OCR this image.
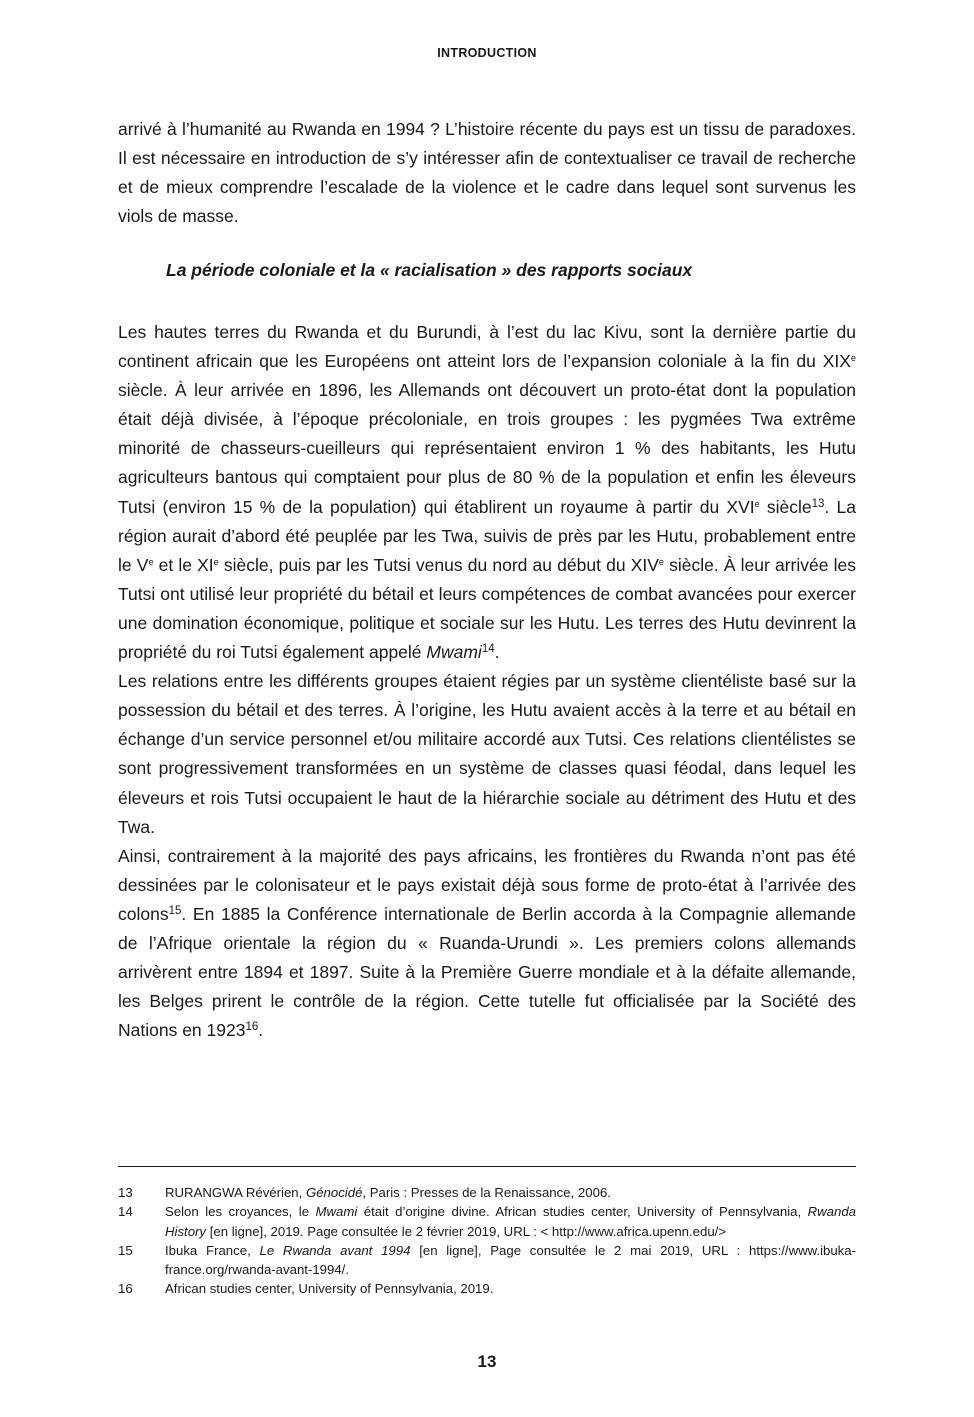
INTRODUCTION

arrivé à l’humanité au Rwanda en 1994 ? L’histoire récente du pays est un tissu de paradoxes. Il est nécessaire en introduction de s’y intéresser afin de contextualiser ce travail de recherche et de mieux comprendre l’escalade de la violence et le cadre dans lequel sont survenus les viols de masse.

La période coloniale et la « racialisation » des rapports sociaux

Les hautes terres du Rwanda et du Burundi, à l’est du lac Kivu, sont la dernière partie du continent africain que les Européens ont atteint lors de l’expansion coloniale à la fin du XIXe siècle. À leur arrivée en 1896, les Allemands ont découvert un proto-état dont la population était déjà divisée, à l’époque précoloniale, en trois groupes : les pygmées Twa extrême minorité de chasseurs-cueilleurs qui représentaient environ 1 % des habitants, les Hutu agriculteurs bantous qui comptaient pour plus de 80 % de la population et enfin les éleveurs Tutsi (environ 15 % de la population) qui établirent un royaume à partir du XVIe siècle$^{13}$. La région aurait d’abord été peuplée par les Twa, suivis de près par les Hutu, probablement entre le Ve et le XIe siècle, puis par les Tutsi venus du nord au début du XIVe siècle. À leur arrivée les Tutsi ont utilisé leur propriété du bétail et leurs compétences de combat avancées pour exercer une domination économique, politique et sociale sur les Hutu. Les terres des Hutu devinrent la propriété du roi Tutsi également appelé Mwami$^{14}$.

Les relations entre les différents groupes étaient régies par un système clientéliste basé sur la possession du bétail et des terres. À l’origine, les Hutu avaient accès à la terre et au bétail en échange d’un service personnel et/ou militaire accordé aux Tutsi. Ces relations clientélistes se sont progressivement transformées en un système de classes quasi féodal, dans lequel les éleveurs et rois Tutsi occupaient le haut de la hiérarchie sociale au détriment des Hutu et des Twa.

Ainsi, contrairement à la majorité des pays africains, les frontières du Rwanda n’ont pas été dessinées par le colonisateur et le pays existait déjà sous forme de proto-état à l’arrivée des colons$^{15}$. En 1885 la Conférence internationale de Berlin accorda à la Compagnie allemande de l’Afrique orientale la région du « Ruanda-Urundi ». Les premiers colons allemands arrivèrent entre 1894 et 1897. Suite à la Première Guerre mondiale et à la défaite allemande, les Belges prirent le contrôle de la région. Cette tutelle fut officialisée par la Société des Nations en 1923$^{16}$.

13	RURANGWA Révérien, Génocidé, Paris : Presses de la Renaissance, 2006.
14	Selon les croyances, le Mwami était d’origine divine. African studies center, University of Pennsylvania, Rwanda History [en ligne], 2019. Page consultée le 2 février 2019, URL : < http://www.africa.upenn.edu/>
15	Ibuka France, Le Rwanda avant 1994 [en ligne], Page consultée le 2 mai 2019, URL : https://www.ibuka-france.org/rwanda-avant-1994/.
16	African studies center, University of Pennsylvania, 2019.
13
